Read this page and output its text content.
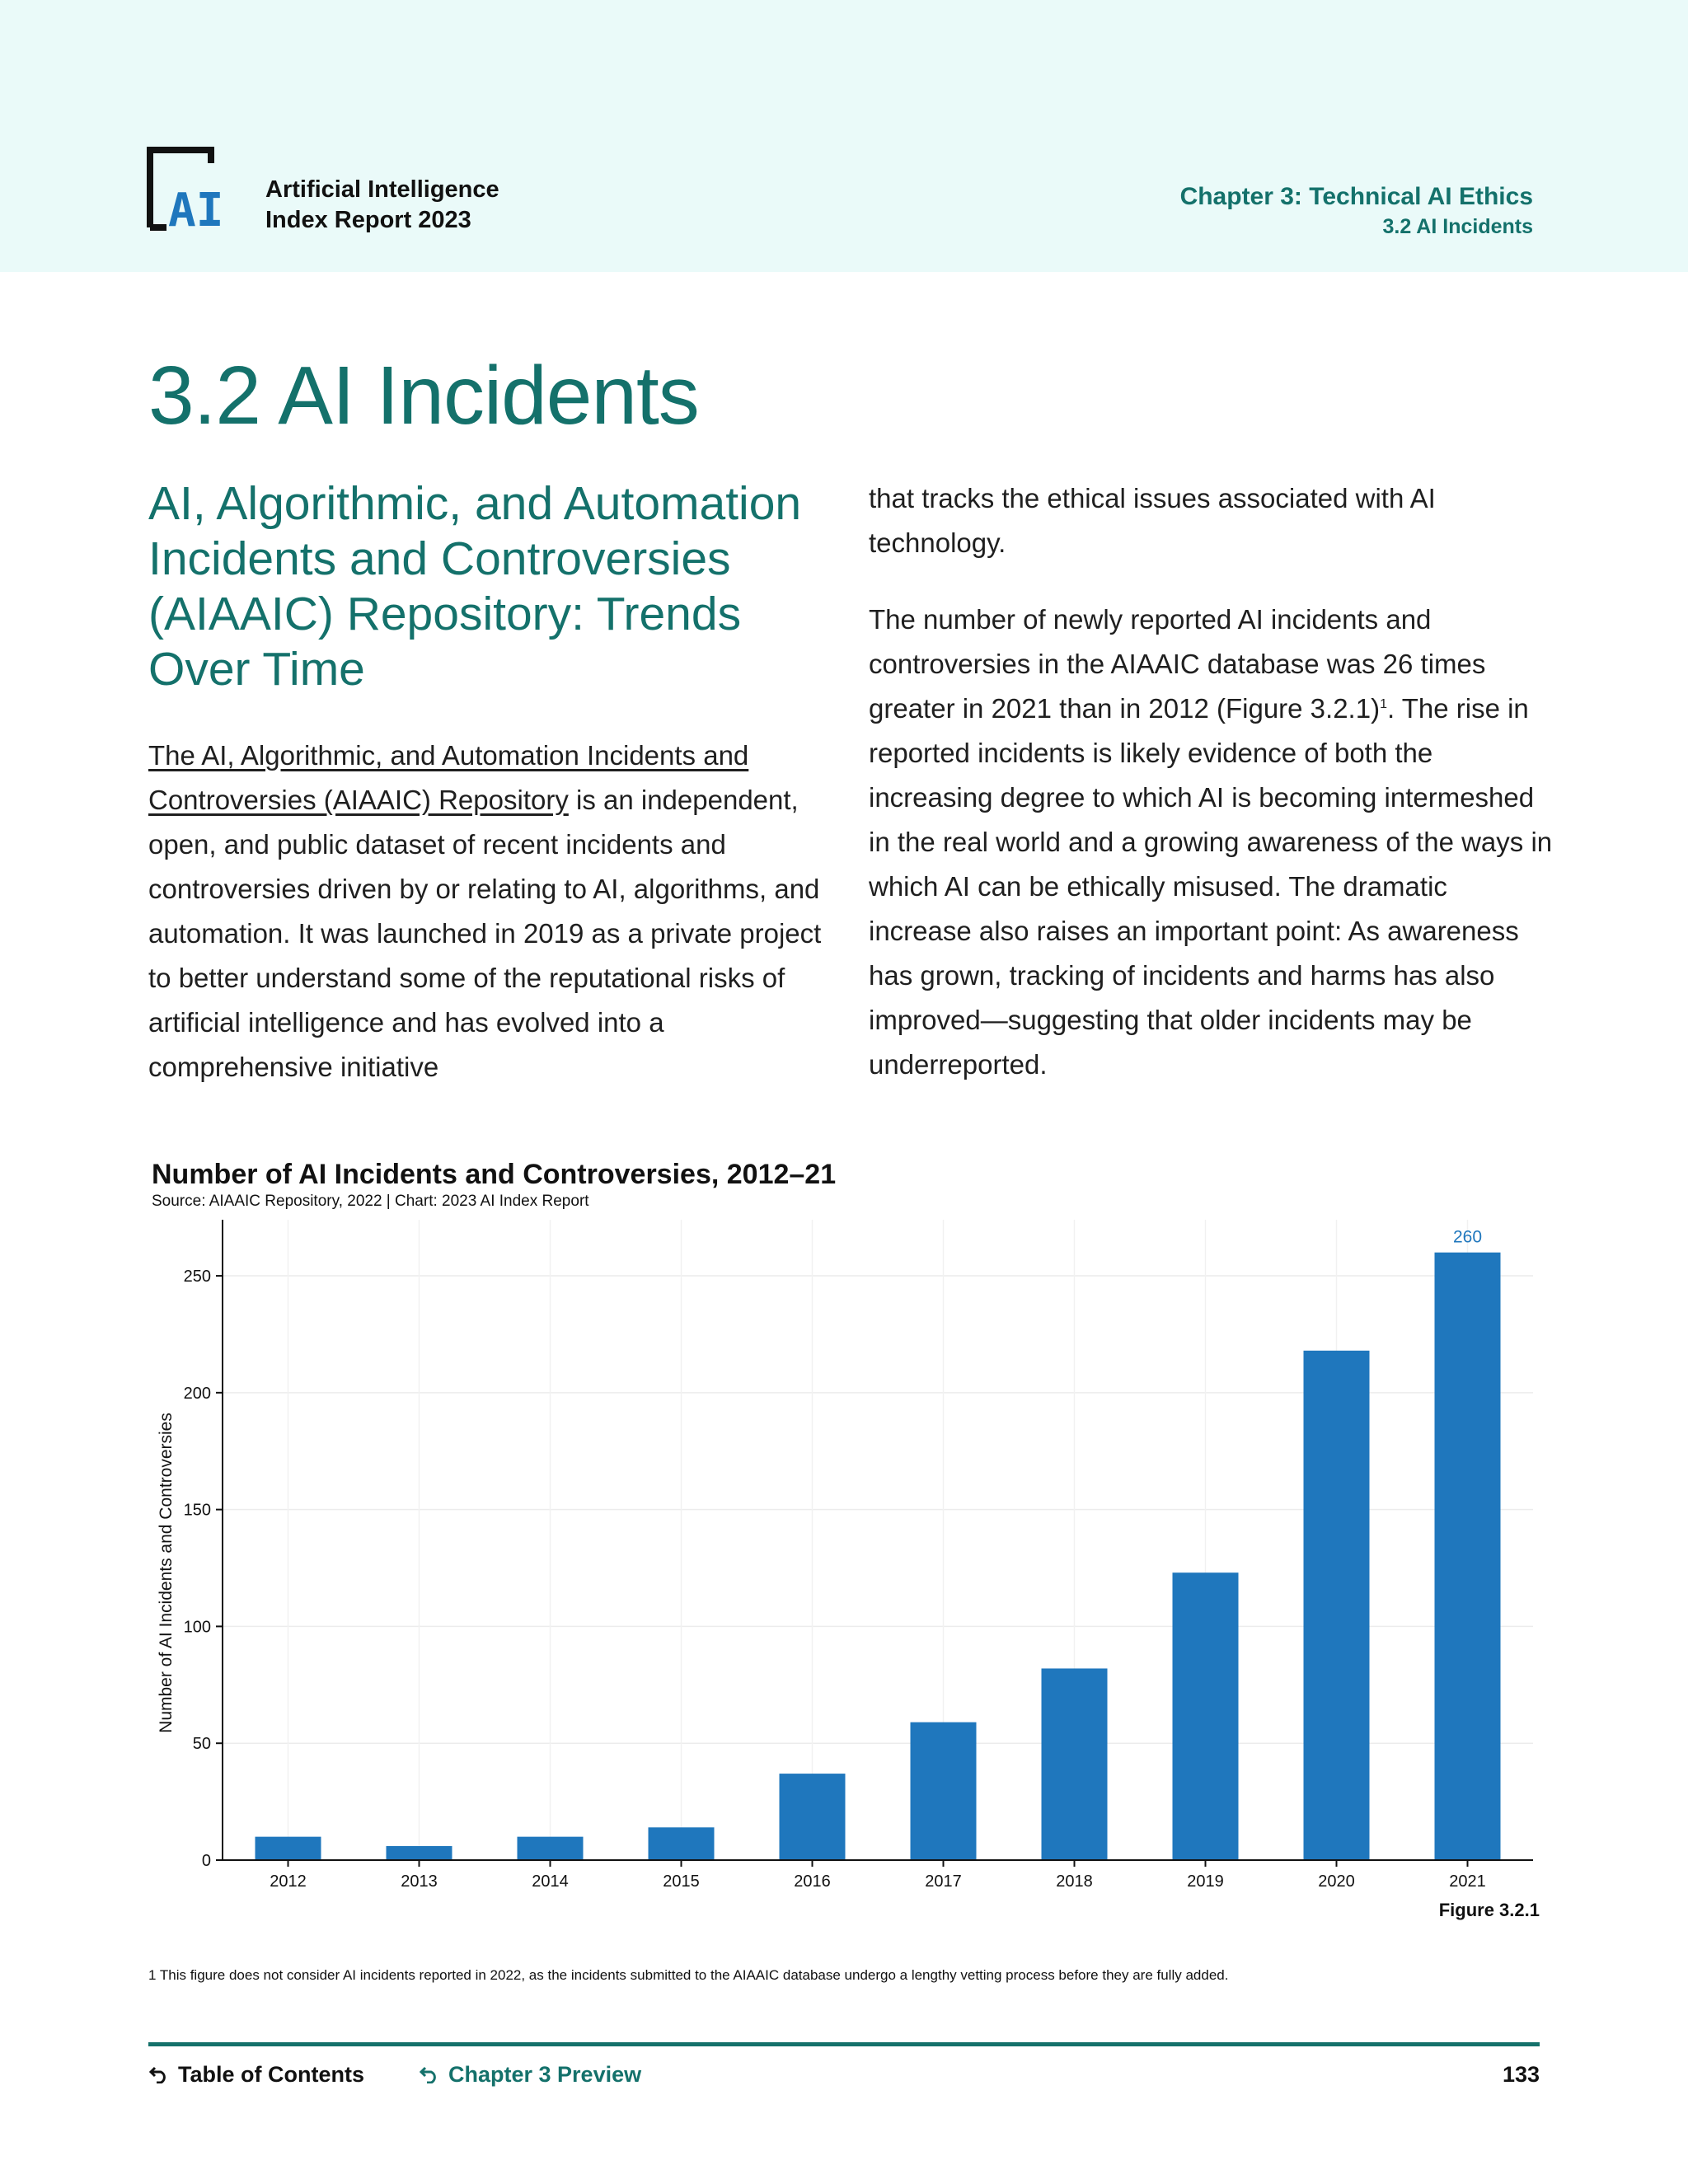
AI Artificial Intelligence
Index Report 2023
Chapter 3: Technical AI Ethics
3.2 AI Incidents
3.2 AI Incidents
AI, Algorithmic, and Automation Incidents and Controversies (AIAAIC) Repository: Trends Over Time
The AI, Algorithmic, and Automation Incidents and Controversies (AIAAIC) Repository is an independent, open, and public dataset of recent incidents and controversies driven by or relating to AI, algorithms, and automation. It was launched in 2019 as a private project to better understand some of the reputational risks of artificial intelligence and has evolved into a comprehensive initiative

that tracks the ethical issues associated with AI technology.

The number of newly reported AI incidents and controversies in the AIAAIC database was 26 times greater in 2021 than in 2012 (Figure 3.2.1)$^1$. The rise in reported incidents is likely evidence of both the increasing degree to which AI is becoming intermeshed in the real world and a growing awareness of the ways in which AI can be ethically misused. The dramatic increase also raises an important point: As awareness has grown, tracking of incidents and harms has also improved—suggesting that older incidents may be underreported.

Number of AI Incidents and Controversies, 2012–21
Source: AIAAIC Repository, 2022 | Chart: 2023 AI Index Report
260
0
50
100
150
200
250
2012	2013	2014	2015	2016	2017	2018	2019	2020	2021
Number of AI Incidents and Controversies
Figure 3.2.1
1 This figure does not consider AI incidents reported in 2022, as the incidents submitted to the AIAAIC database undergo a lengthy vetting process before they are fully added.
Table of Contents	Chapter 3 Preview	133
